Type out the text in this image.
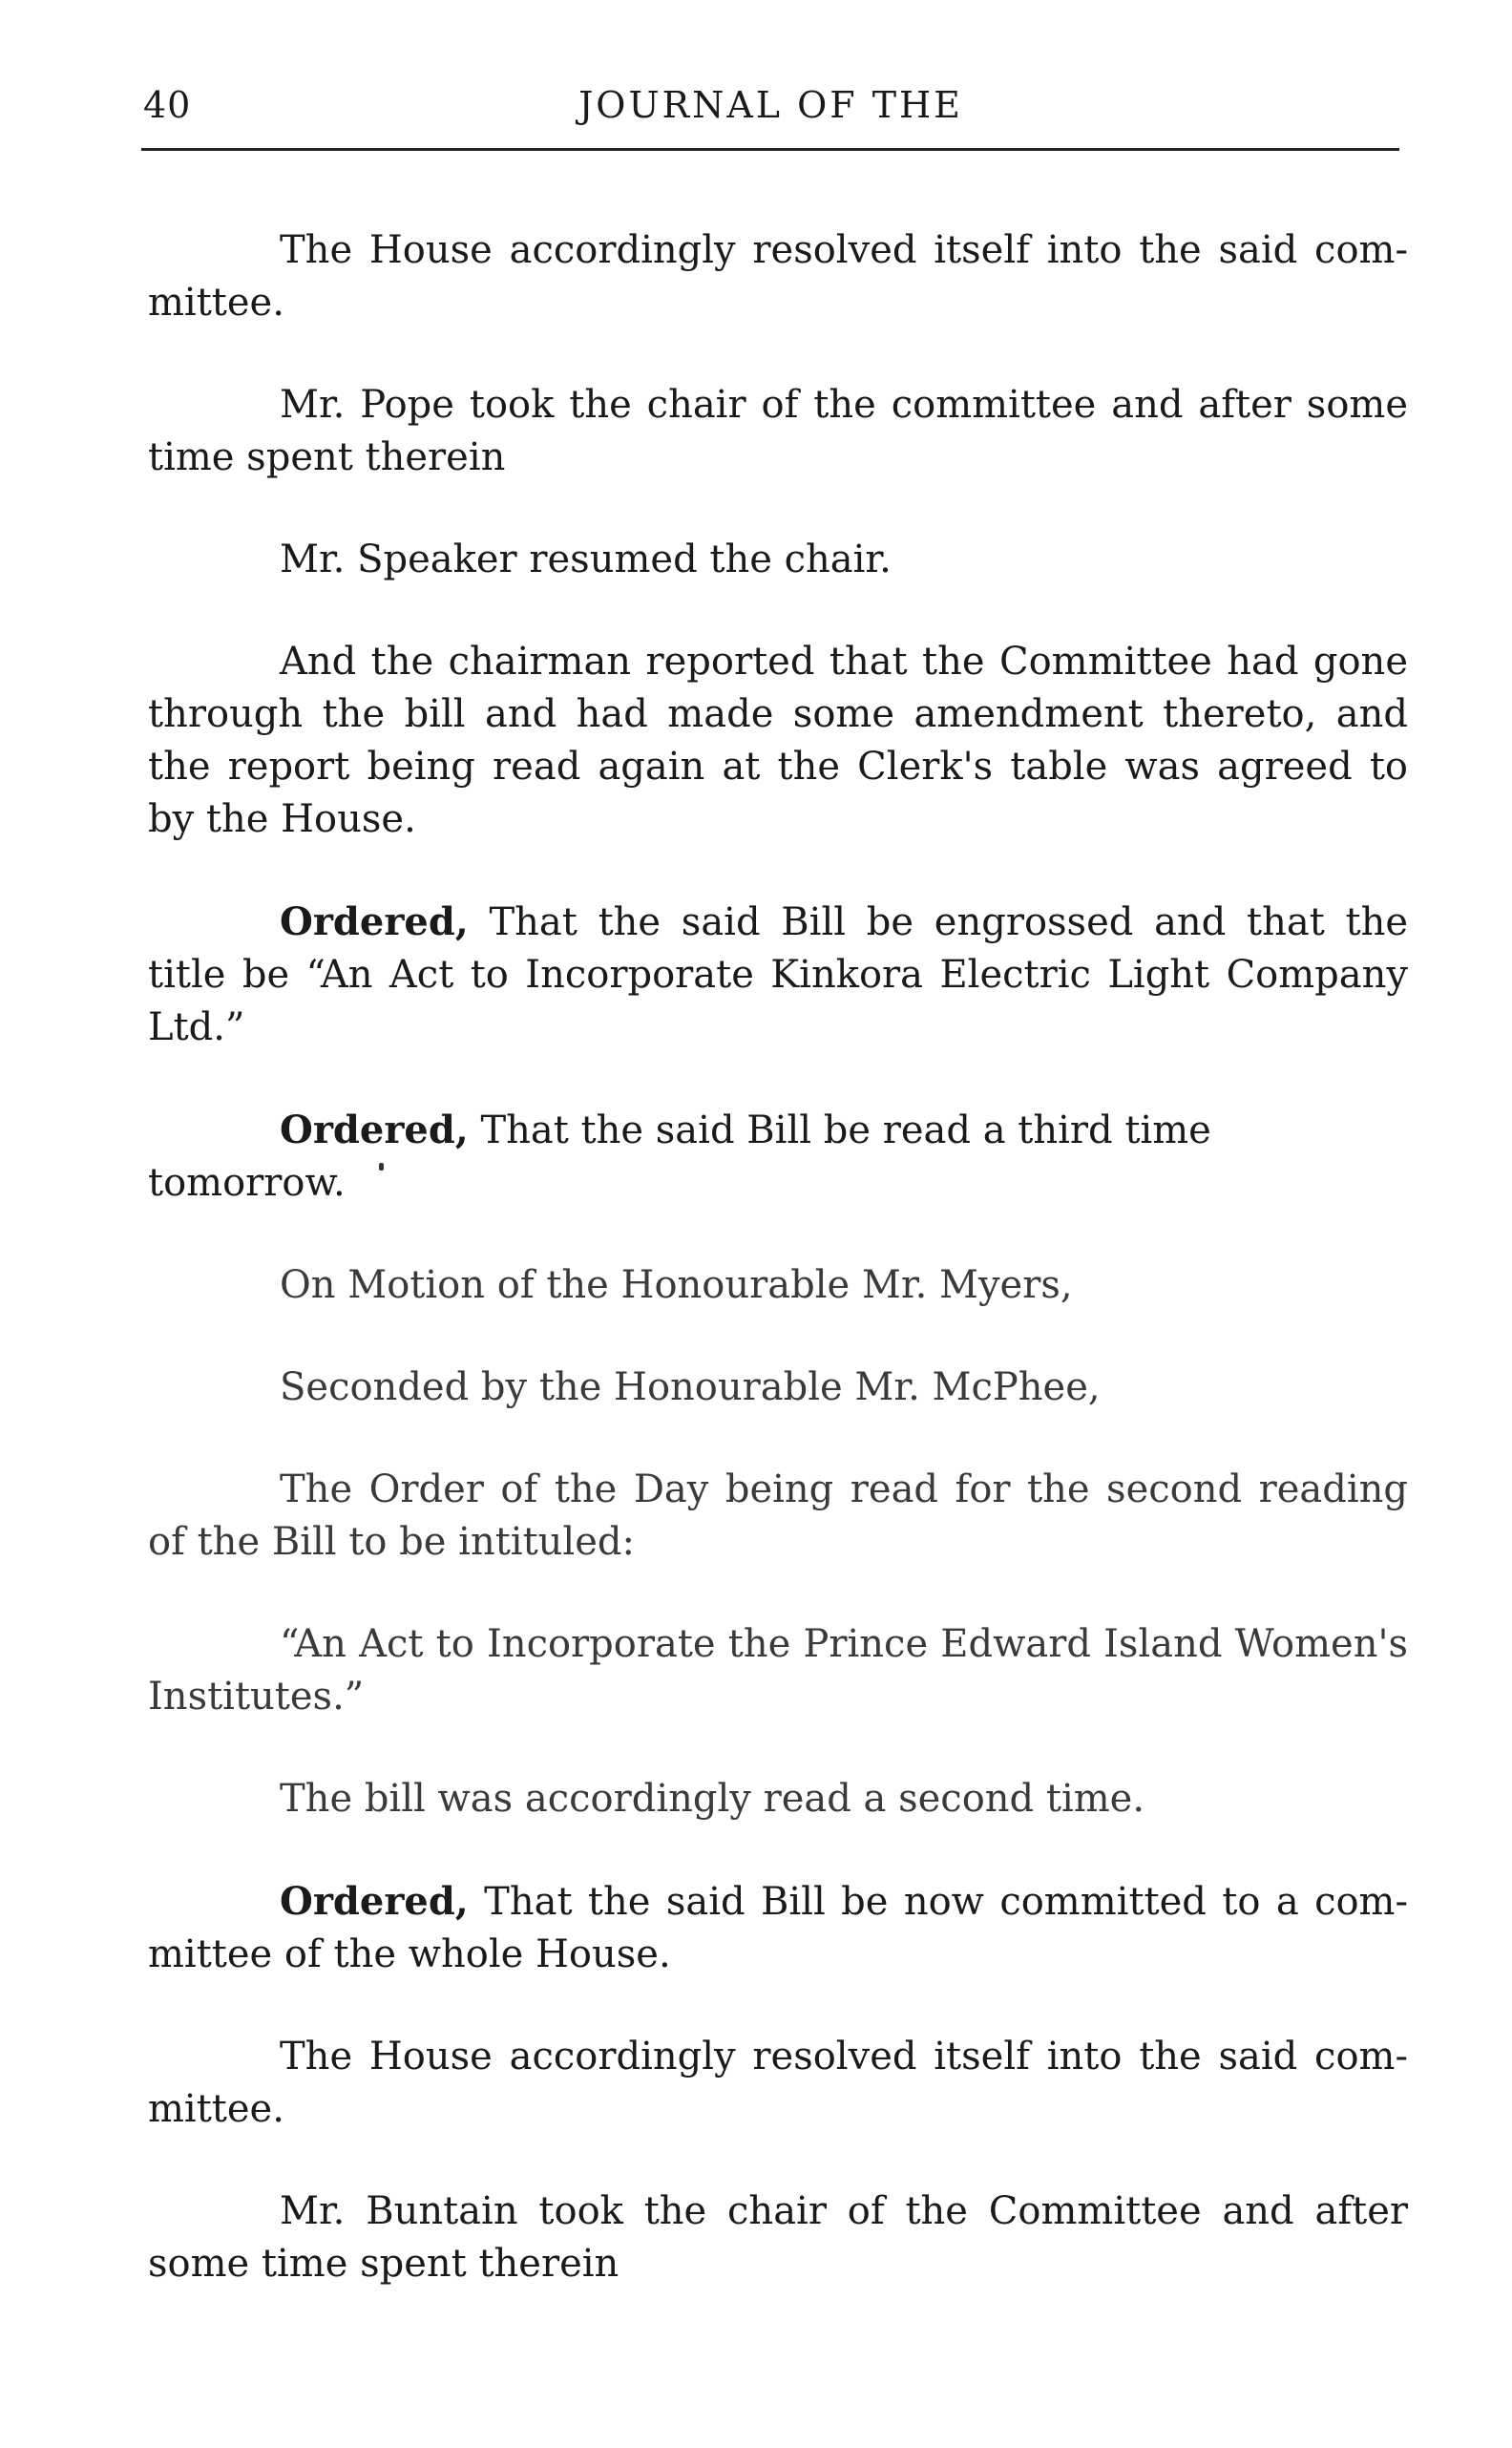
40	JOURNAL OF THE

The House accordingly resolved itself into the said com-mittee.

Mr. Pope took the chair of the committee and after some time spent therein

Mr. Speaker resumed the chair.

And the chairman reported that the Committee had gone through the bill and had made some amendment thereto, and the report being read again at the Clerk's table was agreed to by the House.

Ordered, That the said Bill be engrossed and that the title be “An Act to Incorporate Kinkora Electric Light Company Ltd.”

Ordered, That the said Bill be read a third time tomorrow.

On Motion of the Honourable Mr. Myers,

Seconded by the Honourable Mr. McPhee,

The Order of the Day being read for the second reading of the Bill to be intituled:

“An Act to Incorporate the Prince Edward Island Women's Institutes.”

The bill was accordingly read a second time.

Ordered, That the said Bill be now committed to a com-mittee of the whole House.

The House accordingly resolved itself into the said com-mittee.

Mr. Buntain took the chair of the Committee and after some time spent therein
